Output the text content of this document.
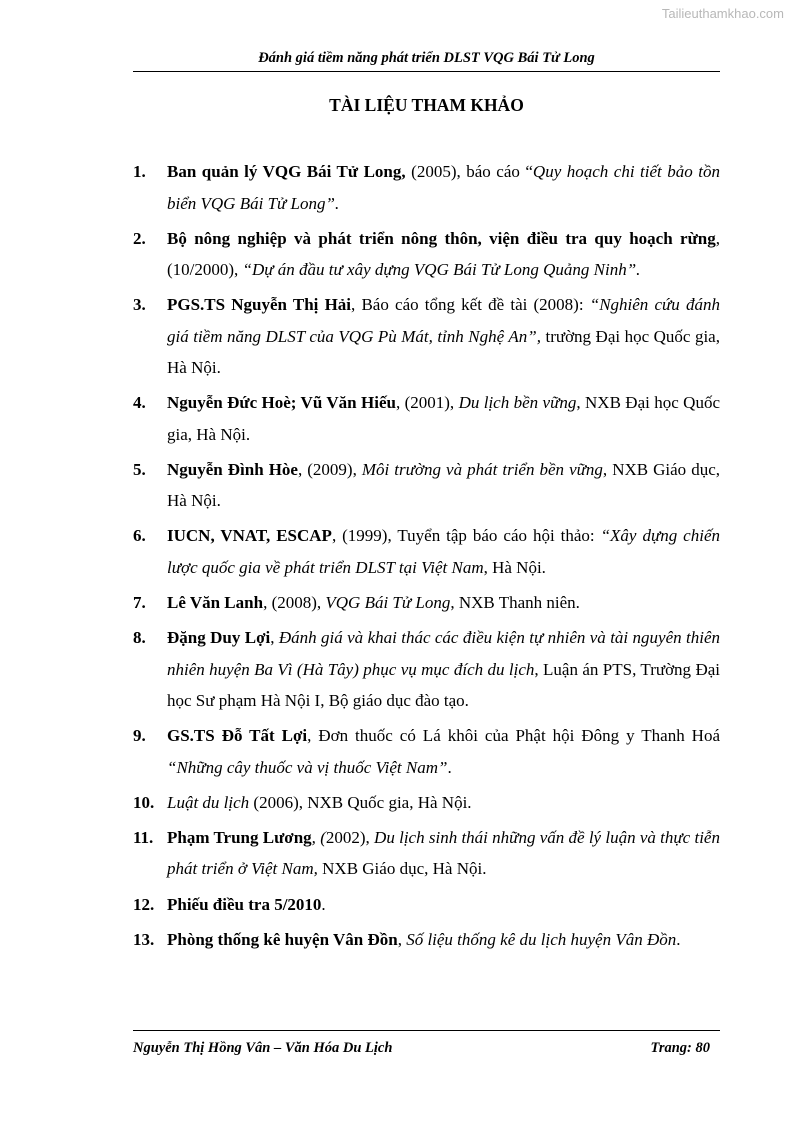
Tailieuthamkhao.com
Đánh giá tiềm năng phát triển DLST VQG Bái Tử Long
TÀI LIỆU THAM KHẢO
1. Ban quản lý VQG Bái Tử Long, (2005), báo cáo “Quy hoạch chi tiết bảo tồn biển VQG Bái Tử Long”.
2. Bộ nông nghiệp và phát triển nông thôn, viện điều tra quy hoạch rừng, (10/2000), “Dự án đầu tư xây dựng VQG Bái Tử Long Quảng Ninh”.
3. PGS.TS Nguyễn Thị Hải, Báo cáo tổng kết đề tài (2008): “Nghiên cứu đánh giá tiềm năng DLST của VQG Pù Mát, tỉnh Nghệ An”, trường Đại học Quốc gia, Hà Nội.
4. Nguyễn Đức Hoè; Vũ Văn Hiếu, (2001), Du lịch bền vững, NXB Đại học Quốc gia, Hà Nội.
5. Nguyễn Đình Hòe, (2009), Môi trường và phát triển bền vững, NXB Giáo dục, Hà Nội.
6. IUCN, VNAT, ESCAP, (1999), Tuyển tập báo cáo hội thảo: “Xây dựng chiến lược quốc gia về phát triển DLST tại Việt Nam, Hà Nội.
7. Lê Văn Lanh, (2008), VQG Bái Tử Long, NXB Thanh niên.
8. Đặng Duy Lợi, Đánh giá và khai thác các điều kiện tự nhiên và tài nguyên thiên nhiên huyện Ba Vì (Hà Tây) phục vụ mục đích du lịch, Luận án PTS, Trường Đại học Sư phạm Hà Nội I, Bộ giáo dục đào tạo.
9. GS.TS Đỗ Tất Lợi, Đơn thuốc có Lá khôi của Phật hội Đông y Thanh Hoá “Những cây thuốc và vị thuốc Việt Nam”.
10. Luật du lịch (2006), NXB Quốc gia, Hà Nội.
11. Phạm Trung Lương, (2002), Du lịch sinh thái những vấn đề lý luận và thực tiễn phát triển ở Việt Nam, NXB Giáo dục, Hà Nội.
12. Phiếu điều tra 5/2010.
13. Phòng thống kê huyện Vân Đồn, Số liệu thống kê du lịch huyện Vân Đồn.
Nguyễn Thị Hồng Vân – Văn Hóa Du Lịch	Trang: 80
